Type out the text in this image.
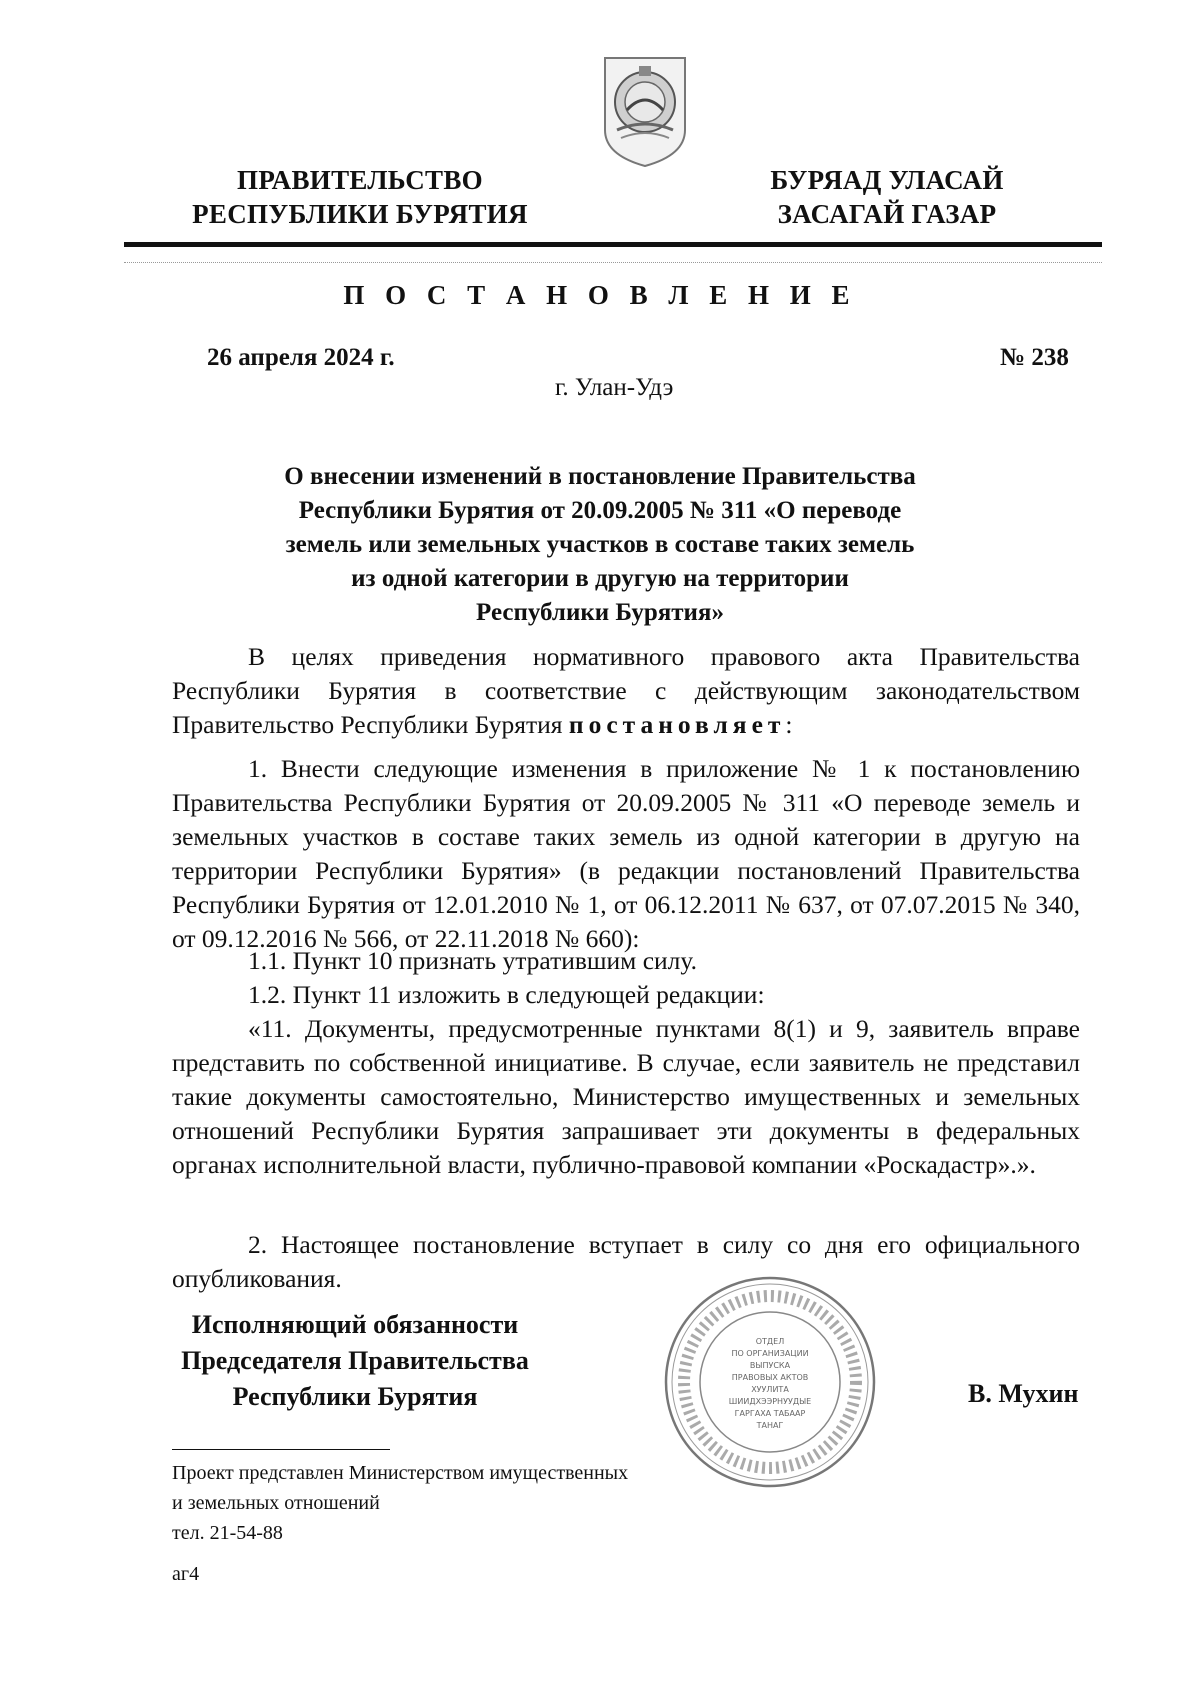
ПРАВИТЕЛЬСТВО
РЕСПУБЛИКИ БУРЯТИЯ
БУРЯАД УЛАСАЙ
ЗАСАГАЙ ГАЗАР
П О С Т А Н О В Л Е Н И Е
26 апреля 2024 г.	№ 238
г. Улан-Удэ
О внесении изменений в постановление Правительства
Республики Бурятия от 20.09.2005 № 311 «О переводе
земель или земельных участков в составе таких земель
из одной категории в другую на территории
Республики Бурятия»
В целях приведения нормативного правового акта Правительства Республики Бурятия в соответствие с действующим законодательством Правительство Республики Бурятия постановляет:
1. Внести следующие изменения в приложение № 1 к постановлению Правительства Республики Бурятия от 20.09.2005 № 311 «О переводе земель и земельных участков в составе таких земель из одной категории в другую на территории Республики Бурятия» (в редакции постановлений Правительства Республики Бурятия от 12.01.2010 № 1, от 06.12.2011 № 637, от 07.07.2015 № 340, от 09.12.2016 № 566, от 22.11.2018 № 660):
1.1. Пункт 10 признать утратившим силу.
1.2. Пункт 11 изложить в следующей редакции:
«11. Документы, предусмотренные пунктами 8(1) и 9, заявитель вправе представить по собственной инициативе. В случае, если заявитель не представил такие документы самостоятельно, Министерство имущественных и земельных отношений Республики Бурятия запрашивает эти документы в федеральных органах исполнительной власти, публично-правовой компании «Роскадастр».».
2. Настоящее постановление вступает в силу со дня его официального опубликования.
Исполняющий обязанности
Председателя Правительства
Республики Бурятия
ОТДЕЛ
ПО ОРГАНИЗАЦИИ
ВЫПУСКА
ПРАВОВЫХ АКТОВ
ХУУЛИТА
ШИИДХЭЭРНУУДЫЕ
ГАРГАХА ТАБААР
ТАНАГ
В. Мухин
Проект представлен Министерством имущественных
и земельных отношений
тел. 21-54-88
аг4
